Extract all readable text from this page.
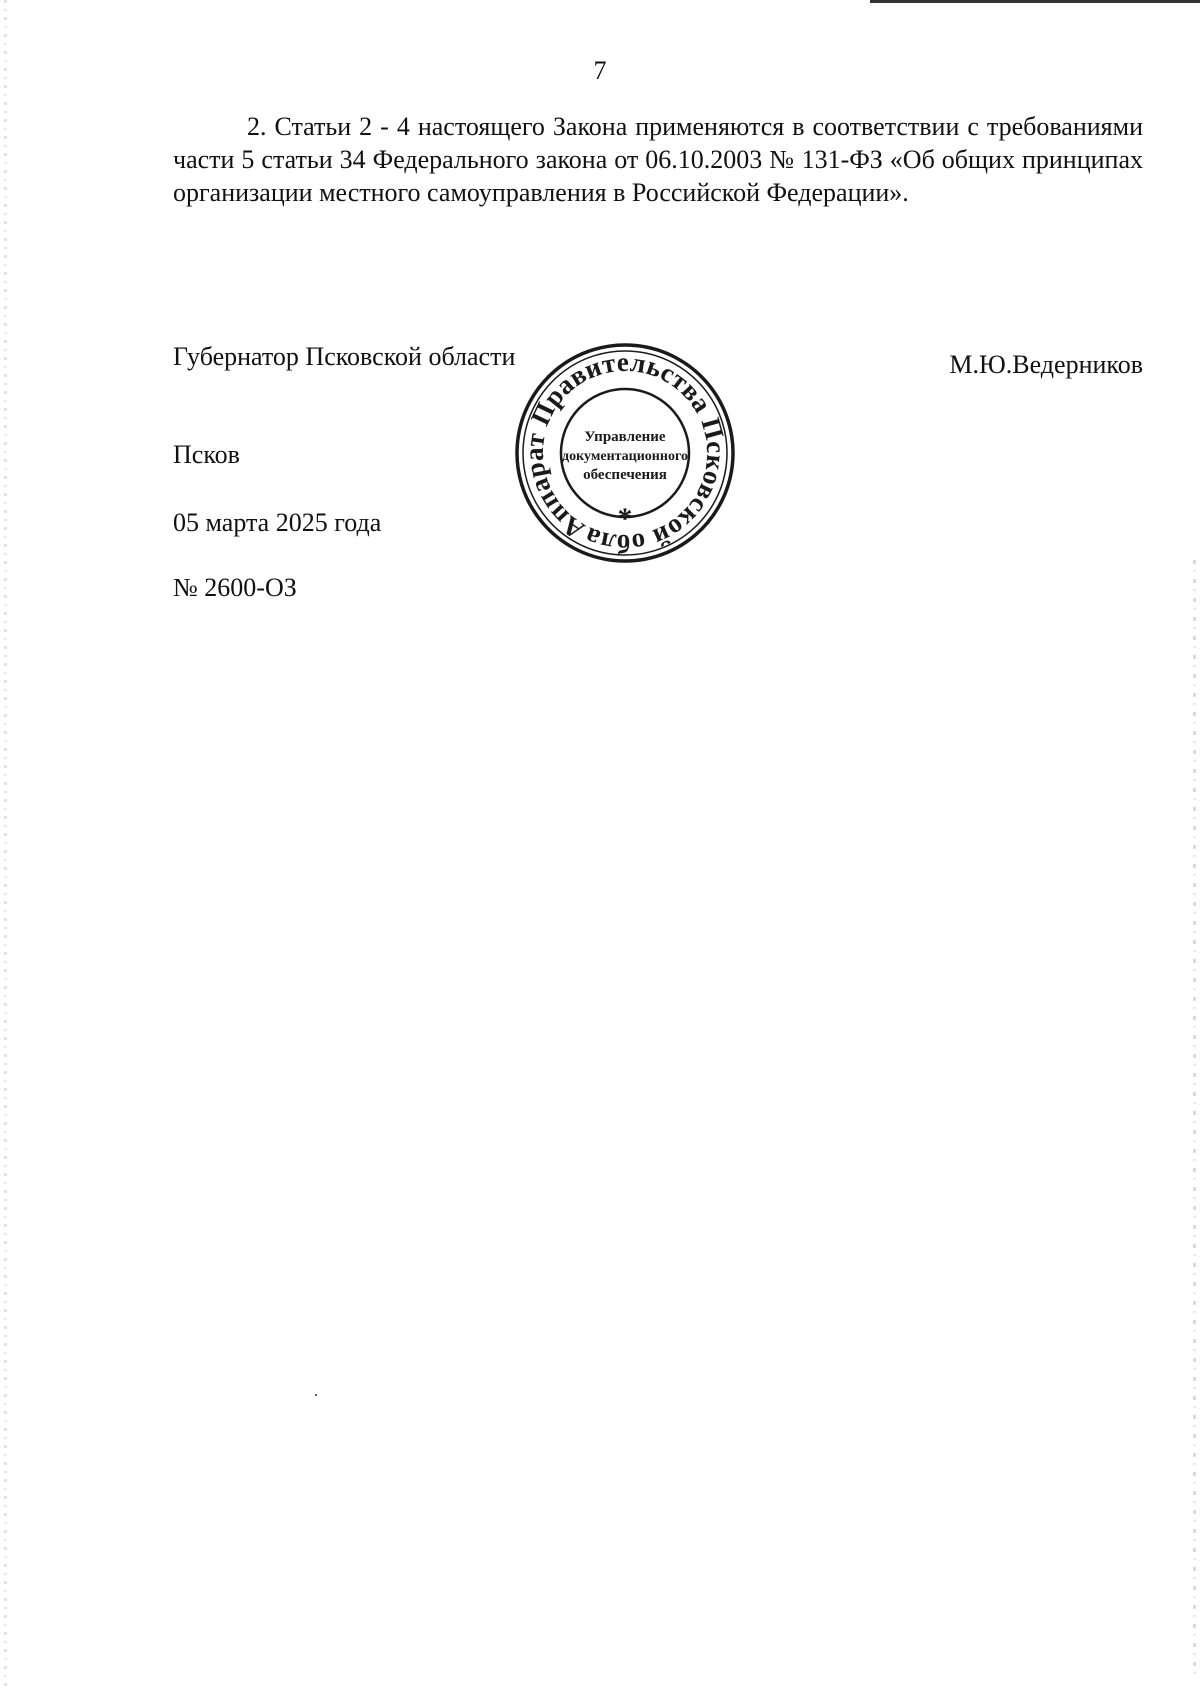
7

2. Статьи 2 - 4 настоящего Закона применяются в соответствии с требованиями части 5 статьи 34 Федерального закона от 06.10.2003 № 131-ФЗ «Об общих принципах организации местного самоуправления в Российской Федерации».

Губернатор Псковской области	М.Ю.Ведерников
Псков
05 марта 2025 года
№ 2600-ОЗ
Аппарат Правительства Псковской области
*
Управление
документационного
обеспечения
